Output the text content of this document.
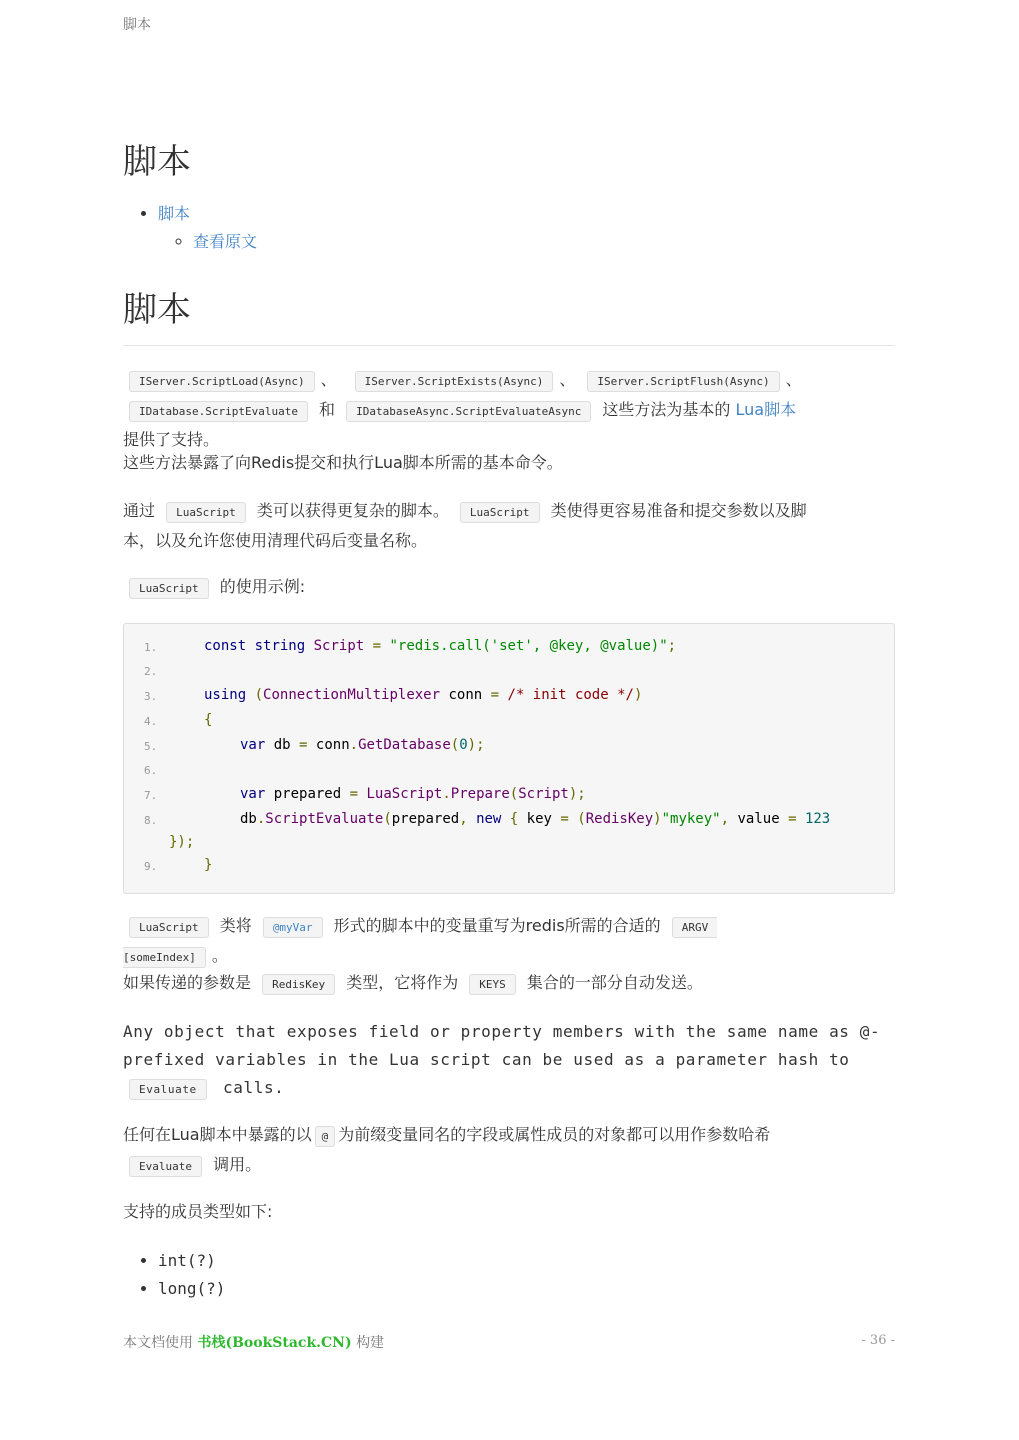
脚本
脚本
• 脚本
◦ 查看原文
脚本
IServer.ScriptLoad(Async) 、	IServer.ScriptExists(Async) 、 IServer.ScriptFlush(Async) 、
IDatabase.ScriptEvaluate 和 IDatabaseAsync.ScriptEvaluateAsync 这些方法为基本的 Lua脚本
提供了支持。
这些方法暴露了向Redis提交和执行Lua脚本所需的基本命令。
通过 LuaScript 类可以获得更复杂的脚本。 LuaScript 类使得更容易准备和提交参数以及脚
本，以及允许您使用清理代码后变量名称。
LuaScript 的使用示例:
1.	const string Script = "redis.call('set', @key, @value)";
2.
3.	using (ConnectionMultiplexer conn = /* init code */)
4.	{
5.	var db = conn.GetDatabase(0);
6.
7.	var prepared = LuaScript.Prepare(Script);
8.	db.ScriptEvaluate(prepared, new { key = (RedisKey)"mykey", value = 123
});
9.	}
LuaScript 类将 @myVar 形式的脚本中的变量重写为redis所需的合适的 ARGV
[someIndex] 。
如果传递的参数是 RedisKey 类型，它将作为 KEYS 集合的一部分自动发送。
Any object that exposes field or property members with the same name as @-
prefixed variables in the Lua script can be used as a parameter hash to
Evaluate calls.
任何在Lua脚本中暴露的以 @ 为前缀变量同名的字段或属性成员的对象都可以用作参数哈希
Evaluate 调用。
支持的成员类型如下:
• int(?)
• long(?)
本文档使用 书栈(BookStack.CN) 构建	- 36 -
